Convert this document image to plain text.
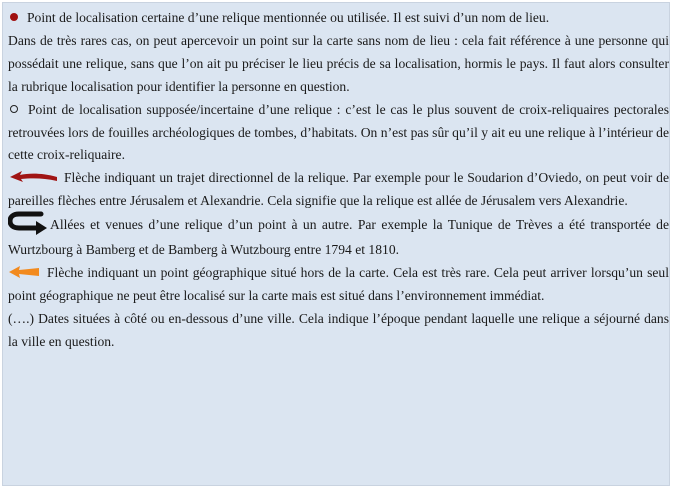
Point de localisation certaine d’une relique mentionnée ou utilisée. Il est suivi d’un nom de lieu.

Dans de très rares cas, on peut apercevoir un point sur la carte sans nom de lieu : cela fait référence à une personne qui possédait une relique, sans que l’on ait pu préciser le lieu précis de sa localisation, hormis le pays. Il faut alors consulter la rubrique localisation pour identifier la personne en question.

Point de localisation supposée/incertaine d’une relique : c’est le cas le plus souvent de croix-reliquaires pectorales retrouvées lors de fouilles archéologiques de tombes, d’habitats. On n’est pas sûr qu’il y ait eu une relique à l’intérieur de cette croix-reliquaire.

Flèche indiquant un trajet directionnel de la relique. Par exemple pour le Soudarion d’Oviedo, on peut voir de pareilles flèches entre Jérusalem et Alexandrie. Cela signifie que la relique est allée de Jérusalem vers Alexandrie.

Allées et venues d’une relique d’un point à un autre. Par exemple la Tunique de Trèves a été transportée de Wurtzbourg à Bamberg et de Bamberg à Wutzbourg entre 1794 et 1810.

Flèche indiquant un point géographique situé hors de la carte. Cela est très rare. Cela peut arriver lorsqu’un seul point géographique ne peut être localisé sur la carte mais est situé dans l’environnement immédiat.

(….) Dates situées à côté ou en-dessous d’une ville. Cela indique l’époque pendant laquelle une relique a séjourné dans la ville en question.
